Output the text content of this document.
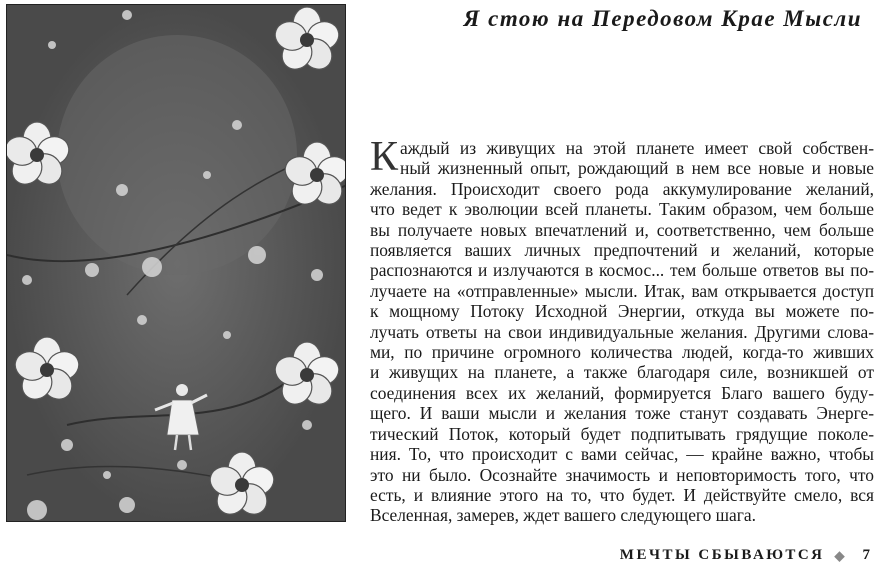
Я стою на Передовом Крае Мысли
К аждый из живущих на этой планете имеет свой собствен-
ный жизненный опыт, рождающий в нем все новые и новые
желания. Происходит своего рода аккумулирование желаний,
что ведет к эволюции всей планеты. Таким образом, чем больше
вы получаете новых впечатлений и, соответственно, чем больше
появляется ваших личных предпочтений и желаний, которые
распознаются и излучаются в космос... тем больше ответов вы по-
лучаете на «отправленные» мысли. Итак, вам открывается доступ
к мощному Потоку Исходной Энергии, откуда вы можете по-
лучать ответы на свои индивидуальные желания. Другими слова-
ми, по причине огромного количества людей, когда-то живших
и живущих на планете, а также благодаря силе, возникшей от
соединения всех их желаний, формируется Благо вашего буду-
щего. И ваши мысли и желания тоже станут создавать Энерге-
тический Поток, который будет подпитывать грядущие поколе-
ния. То, что происходит с вами сейчас, — крайне важно, чтобы
это ни было. Осознайте значимость и неповторимость того, что
есть, и влияние этого на то, что будет. И действуйте смело, вся
Вселенная, замерев, ждет вашего следующего шага.
МЕЧТЫ СБЫВАЮТСЯ ◆ 7
